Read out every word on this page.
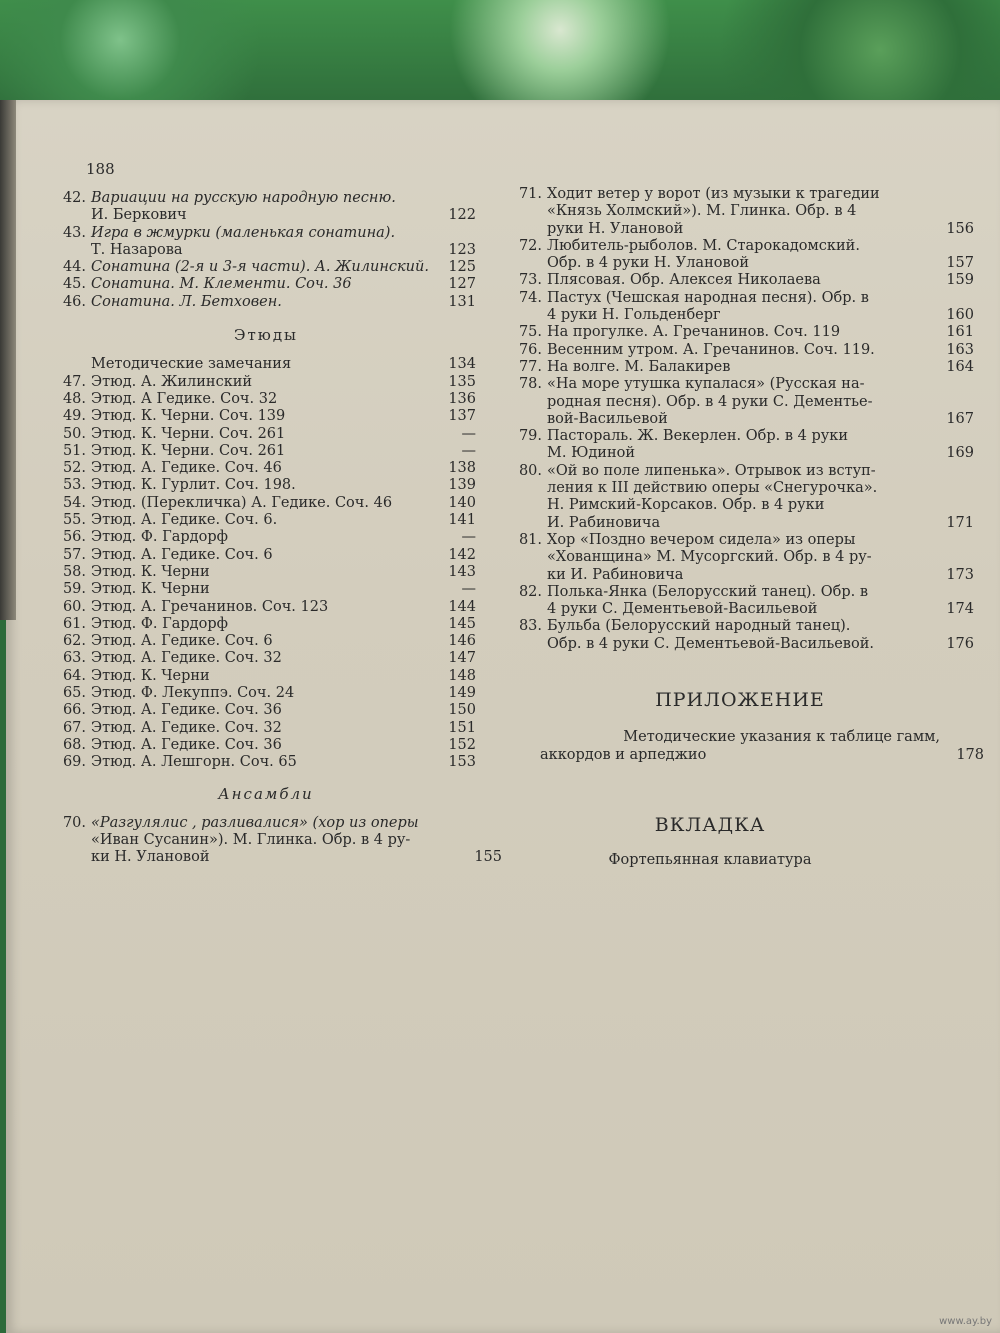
188
42. Вариации на русскую народную песню.
И. Беркович	122
43. Игра в жмурки (маленькая сонатина).
Т. Назарова	123
44. Сонатина (2-я и 3-я части). А. Жилинский. 125
45. Сонатина. М. Клементи. Соч. 36	127
46. Сонатина. Л. Бетховен.	131
Этюды
Методические замечания	134
47. Этюд. А. Жилинский	135
48. Этюд. А Гедике. Соч. 32	136
49. Этюд. К. Черни. Соч. 139	137
50. Этюд. К. Черни. Соч. 261	—
51. Этюд. К. Черни. Соч. 261	—
52. Этюд. А. Гедике. Соч. 46	138
53. Этюд. К. Гурлит. Соч. 198.	139
54. Этюд. (Перекличка) А. Гедике. Соч. 46	140
55. Этюд. А. Гедике. Соч. 6.	141
56. Этюд. Ф. Гардорф	—
57. Этюд. А. Гедике. Соч. 6	142
58. Этюд. К. Черни	143
59. Этюд. К. Черни	—
60. Этюд. А. Гречанинов. Соч. 123	144
61. Этюд. Ф. Гардорф	145
62. Этюд. А. Гедике. Соч. 6	146
63. Этюд. А. Гедике. Соч. 32	147
64. Этюд. К. Черни	148
65. Этюд. Ф. Лекуппэ. Соч. 24	149
66. Этюд. А. Гедике. Соч. 36	150
67. Этюд. А. Гедике. Соч. 32	151
68. Этюд. А. Гедике. Соч. 36	152
69. Этюд. А. Лешгорн. Соч. 65	153
Ансамбли
70. «Разгулялис , разливалися» (хор из оперы
«Иван Сусанин»). М. Глинка. Обр. в 4 ру-
ки Н. Улановой	155
71. Ходит ветер у ворот (из музыки к трагедии
«Князь Холмский»). М. Глинка. Обр. в 4
руки Н. Улановой	156
72. Любитель-рыболов. М. Старокадомский.
Обр. в 4 руки Н. Улановой	157
73. Плясовая. Обр. Алексея Николаева	159
74. Пастух (Чешская народная песня). Обр. в
4 руки Н. Гольденберг	160
75. На прогулке. А. Гречанинов. Соч. 119	161
76. Весенним утром. А. Гречанинов. Соч. 119.	163
77. На волге. М. Балакирев	164
78. «На море утушка купалася» (Русская на-
родная песня). Обр. в 4 руки С. Дементье-
вой-Васильевой	167
79. Пастораль. Ж. Векерлен. Обр. в 4 руки
М. Юдиной	169
80. «Ой во поле липенька». Отрывок из вступ-
ления к III действию оперы «Снегурочка».
Н. Римский-Корсаков. Обр. в 4 руки
И. Рабиновича	171
81. Хор «Поздно вечером сидела» из оперы
«Хованщина» М. Мусоргский. Обр. в 4 ру-
ки И. Рабиновича	173
82. Полька-Янка (Белорусский танец). Обр. в
4 руки С. Дементьевой-Васильевой	174
83. Бульба (Белорусский народный танец).
Обр. в 4 руки С. Дементьевой-Васильевой.	176
ПРИЛОЖЕНИЕ
Методические указания к таблице гамм,
аккордов и арпеджио	178
ВКЛАДКА
Фортепьянная клавиатура
www.ay.by
